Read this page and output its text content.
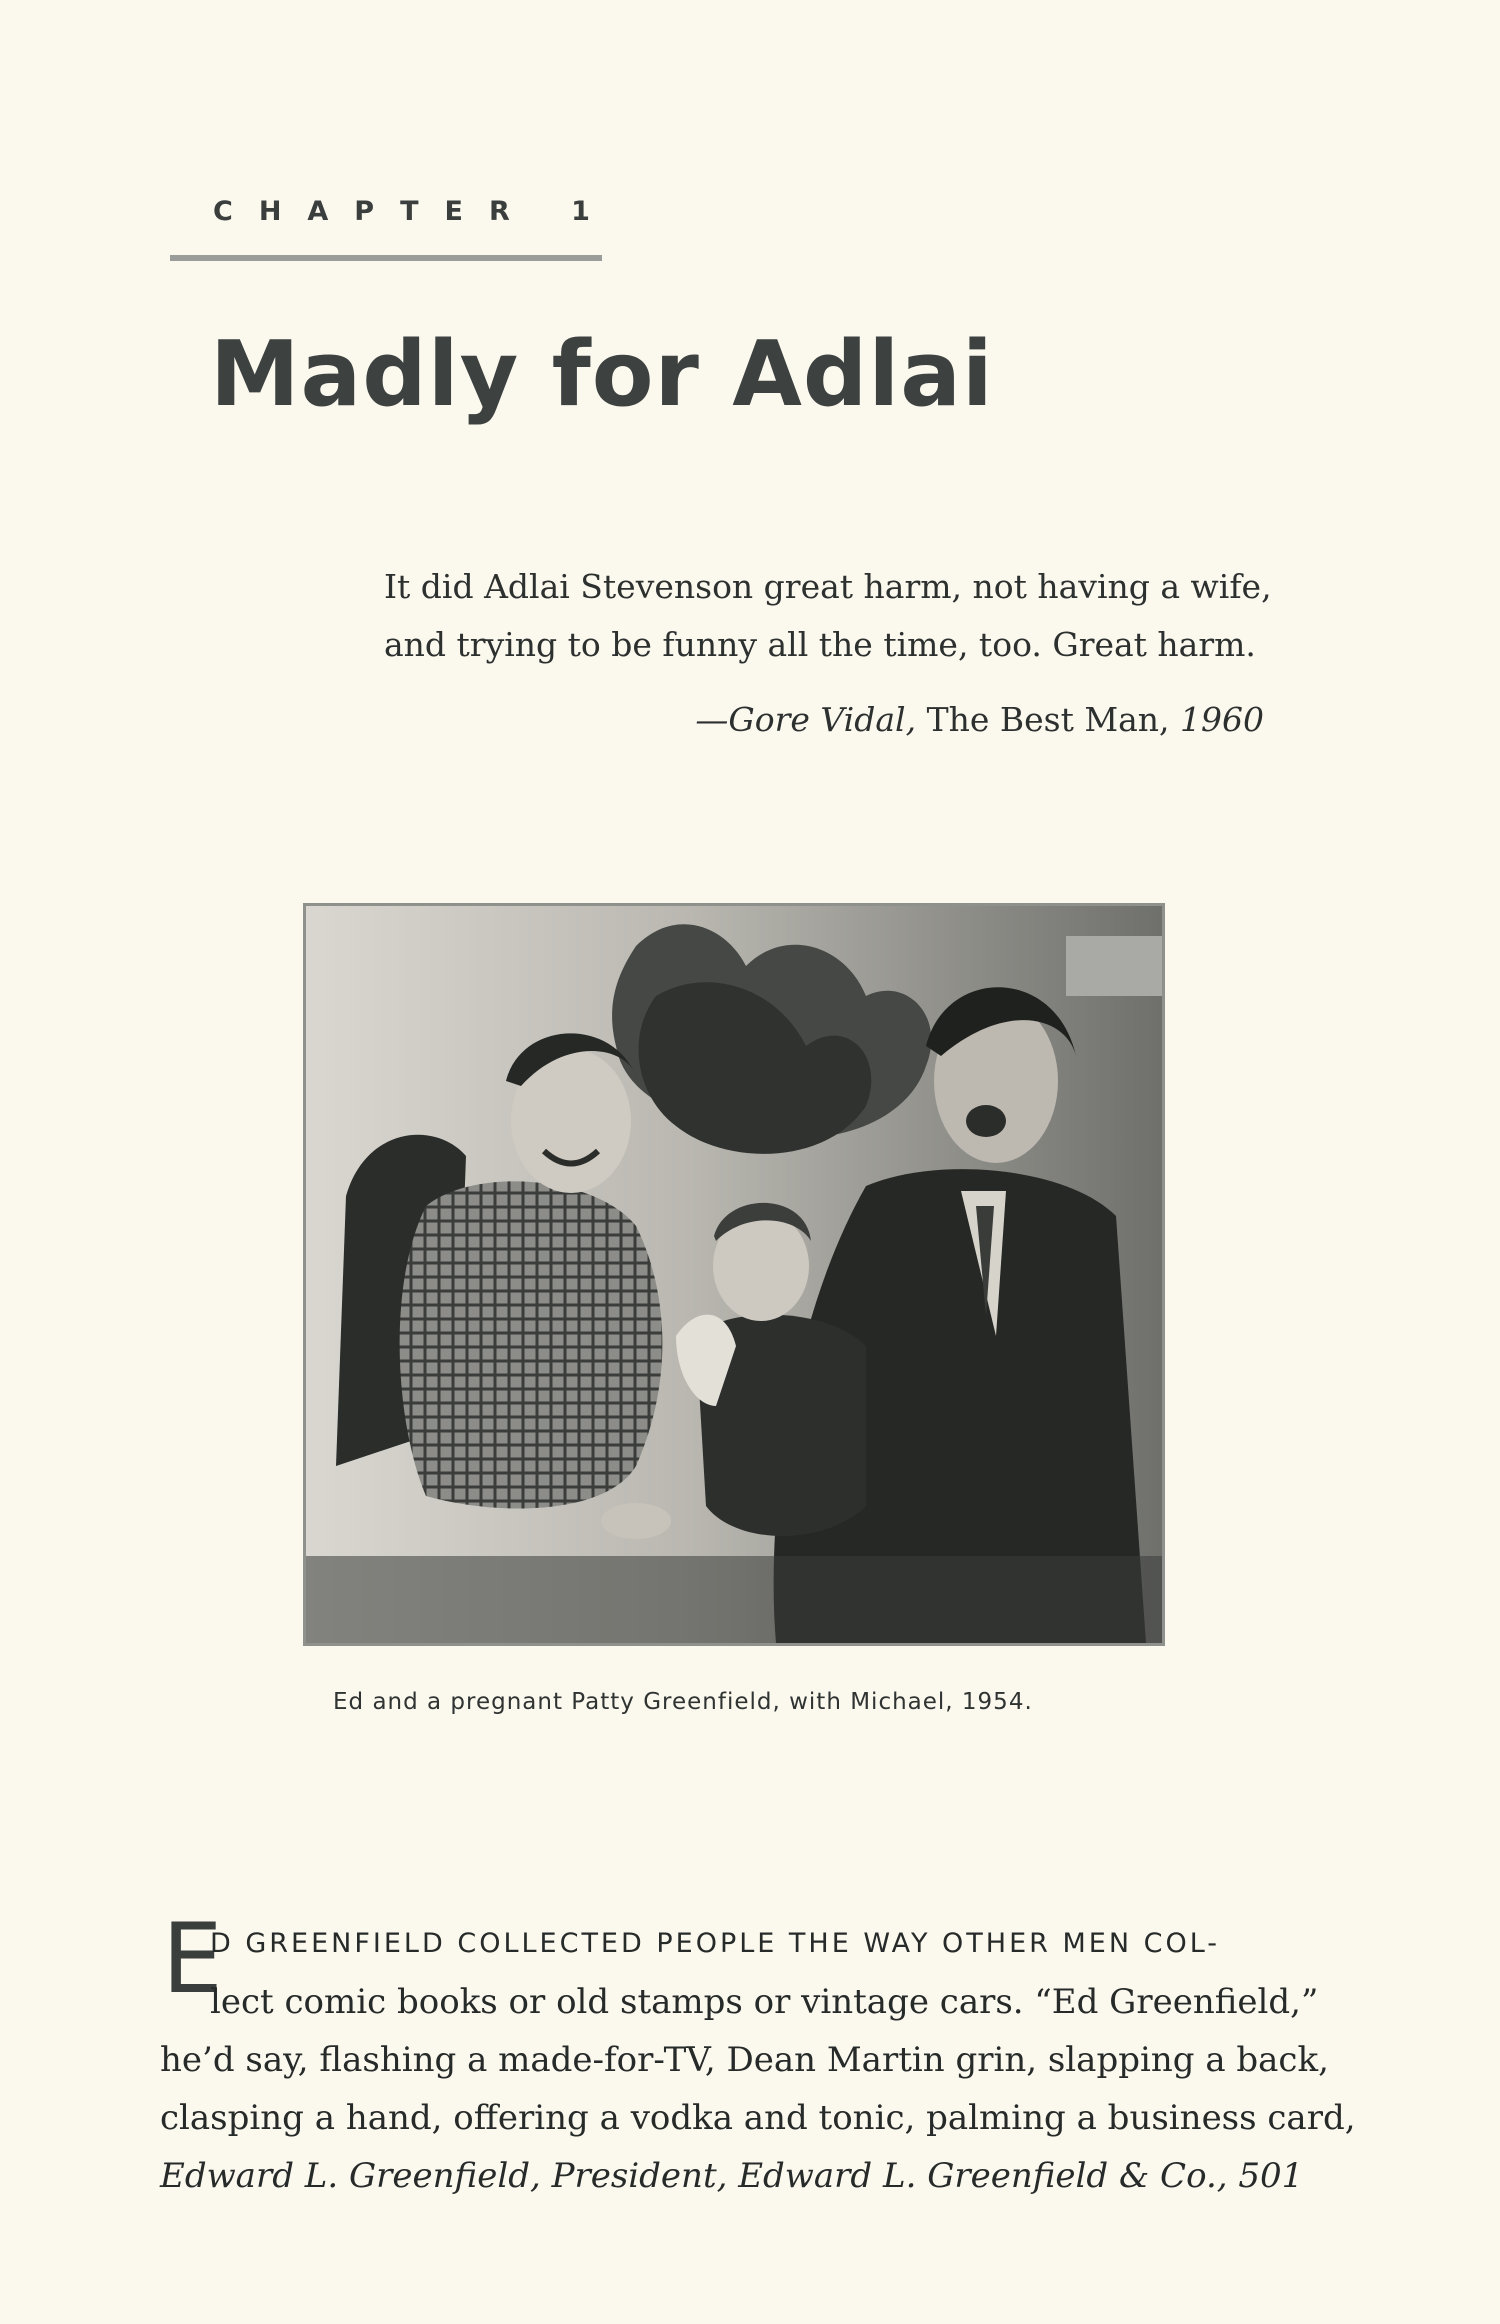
CHAPTER 1
Madly for Adlai

It did Adlai Stevenson great harm, not having a wife,

and trying to be funny all the time, too. Great harm.

—Gore Vidal, The Best Man, 1960
Ed and a pregnant Patty Greenfield, with Michael, 1954.
E
D GREENFIELD COLLECTED PEOPLE THE WAY OTHER MEN COL-
lect comic books or old stamps or vintage cars. “Ed Greenfield,”
he’d say, flashing a made-for-TV, Dean Martin grin, slapping a back,
clasping a hand, offering a vodka and tonic, palming a business card,
Edward L. Greenfield, President, Edward L. Greenfield & Co., 501
